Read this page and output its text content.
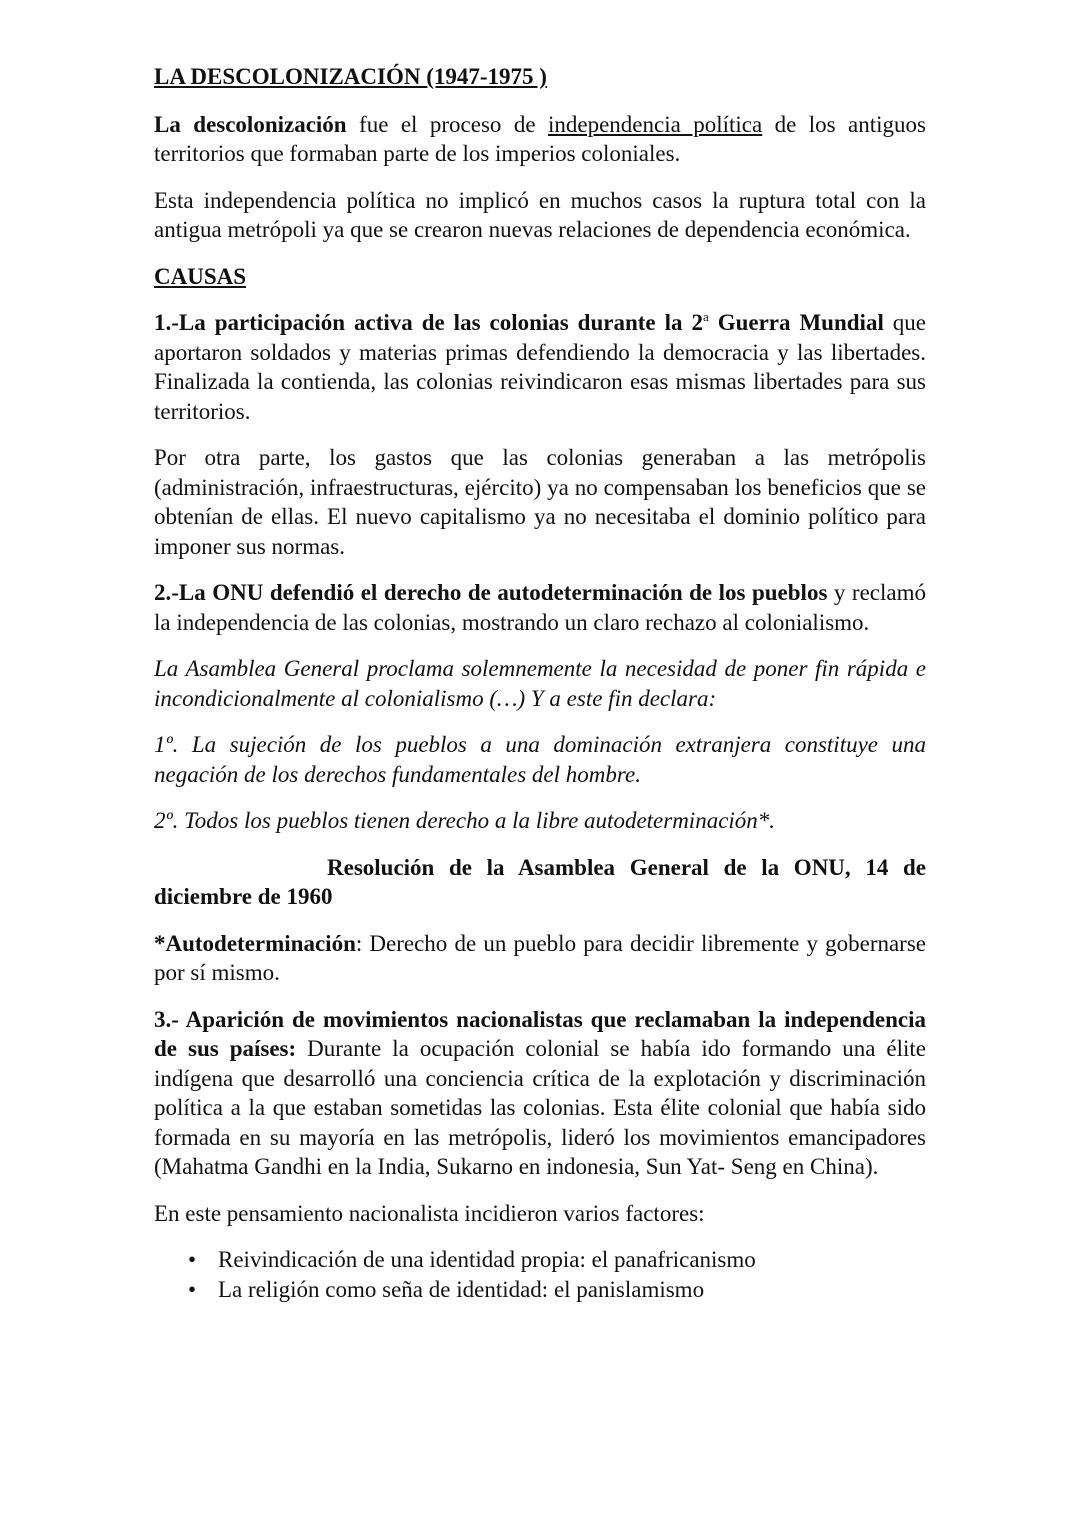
LA DESCOLONIZACIÓN (1947-1975 )

La descolonización fue el proceso de independencia política de los antiguos territorios que formaban parte de los imperios coloniales.

Esta independencia política no implicó en muchos casos la ruptura total con la antigua metrópoli ya que se crearon nuevas relaciones de dependencia económica.

CAUSAS

1.-La participación activa de las colonias durante la 2$^a$ Guerra Mundial que aportaron soldados y materias primas defendiendo la democracia y las libertades. Finalizada la contienda, las colonias reivindicaron esas mismas libertades para sus territorios.

Por otra parte, los gastos que las colonias generaban a las metrópolis (administración, infraestructuras, ejército) ya no compensaban los beneficios que se obtenían de ellas. El nuevo capitalismo ya no necesitaba el dominio político para imponer sus normas.

2.-La ONU defendió el derecho de autodeterminación de los pueblos y reclamó la independencia de las colonias, mostrando un claro rechazo al colonialismo.

La Asamblea General proclama solemnemente la necesidad de poner fin rápida e incondicionalmente al colonialismo (…) Y a este fin declara:

1º. La sujeción de los pueblos a una dominación extranjera constituye una negación de los derechos fundamentales del hombre.

2º. Todos los pueblos tienen derecho a la libre autodeterminación*.

Resolución de la Asamblea General de la ONU, 14 de diciembre de 1960

*Autodeterminación: Derecho de un pueblo para decidir libremente y gobernarse por sí mismo.

3.- Aparición de movimientos nacionalistas que reclamaban la independencia de sus países: Durante la ocupación colonial se había ido formando una élite indígena que desarrolló una conciencia crítica de la explotación y discriminación política a la que estaban sometidas las colonias. Esta élite colonial que había sido formada en su mayoría en las metrópolis, lideró los movimientos emancipadores (Mahatma Gandhi en la India, Sukarno en indonesia, Sun Yat- Seng en China).

En este pensamiento nacionalista incidieron varios factores:

• Reivindicación de una identidad propia: el panafricanismo
• La religión como seña de identidad: el panislamismo
